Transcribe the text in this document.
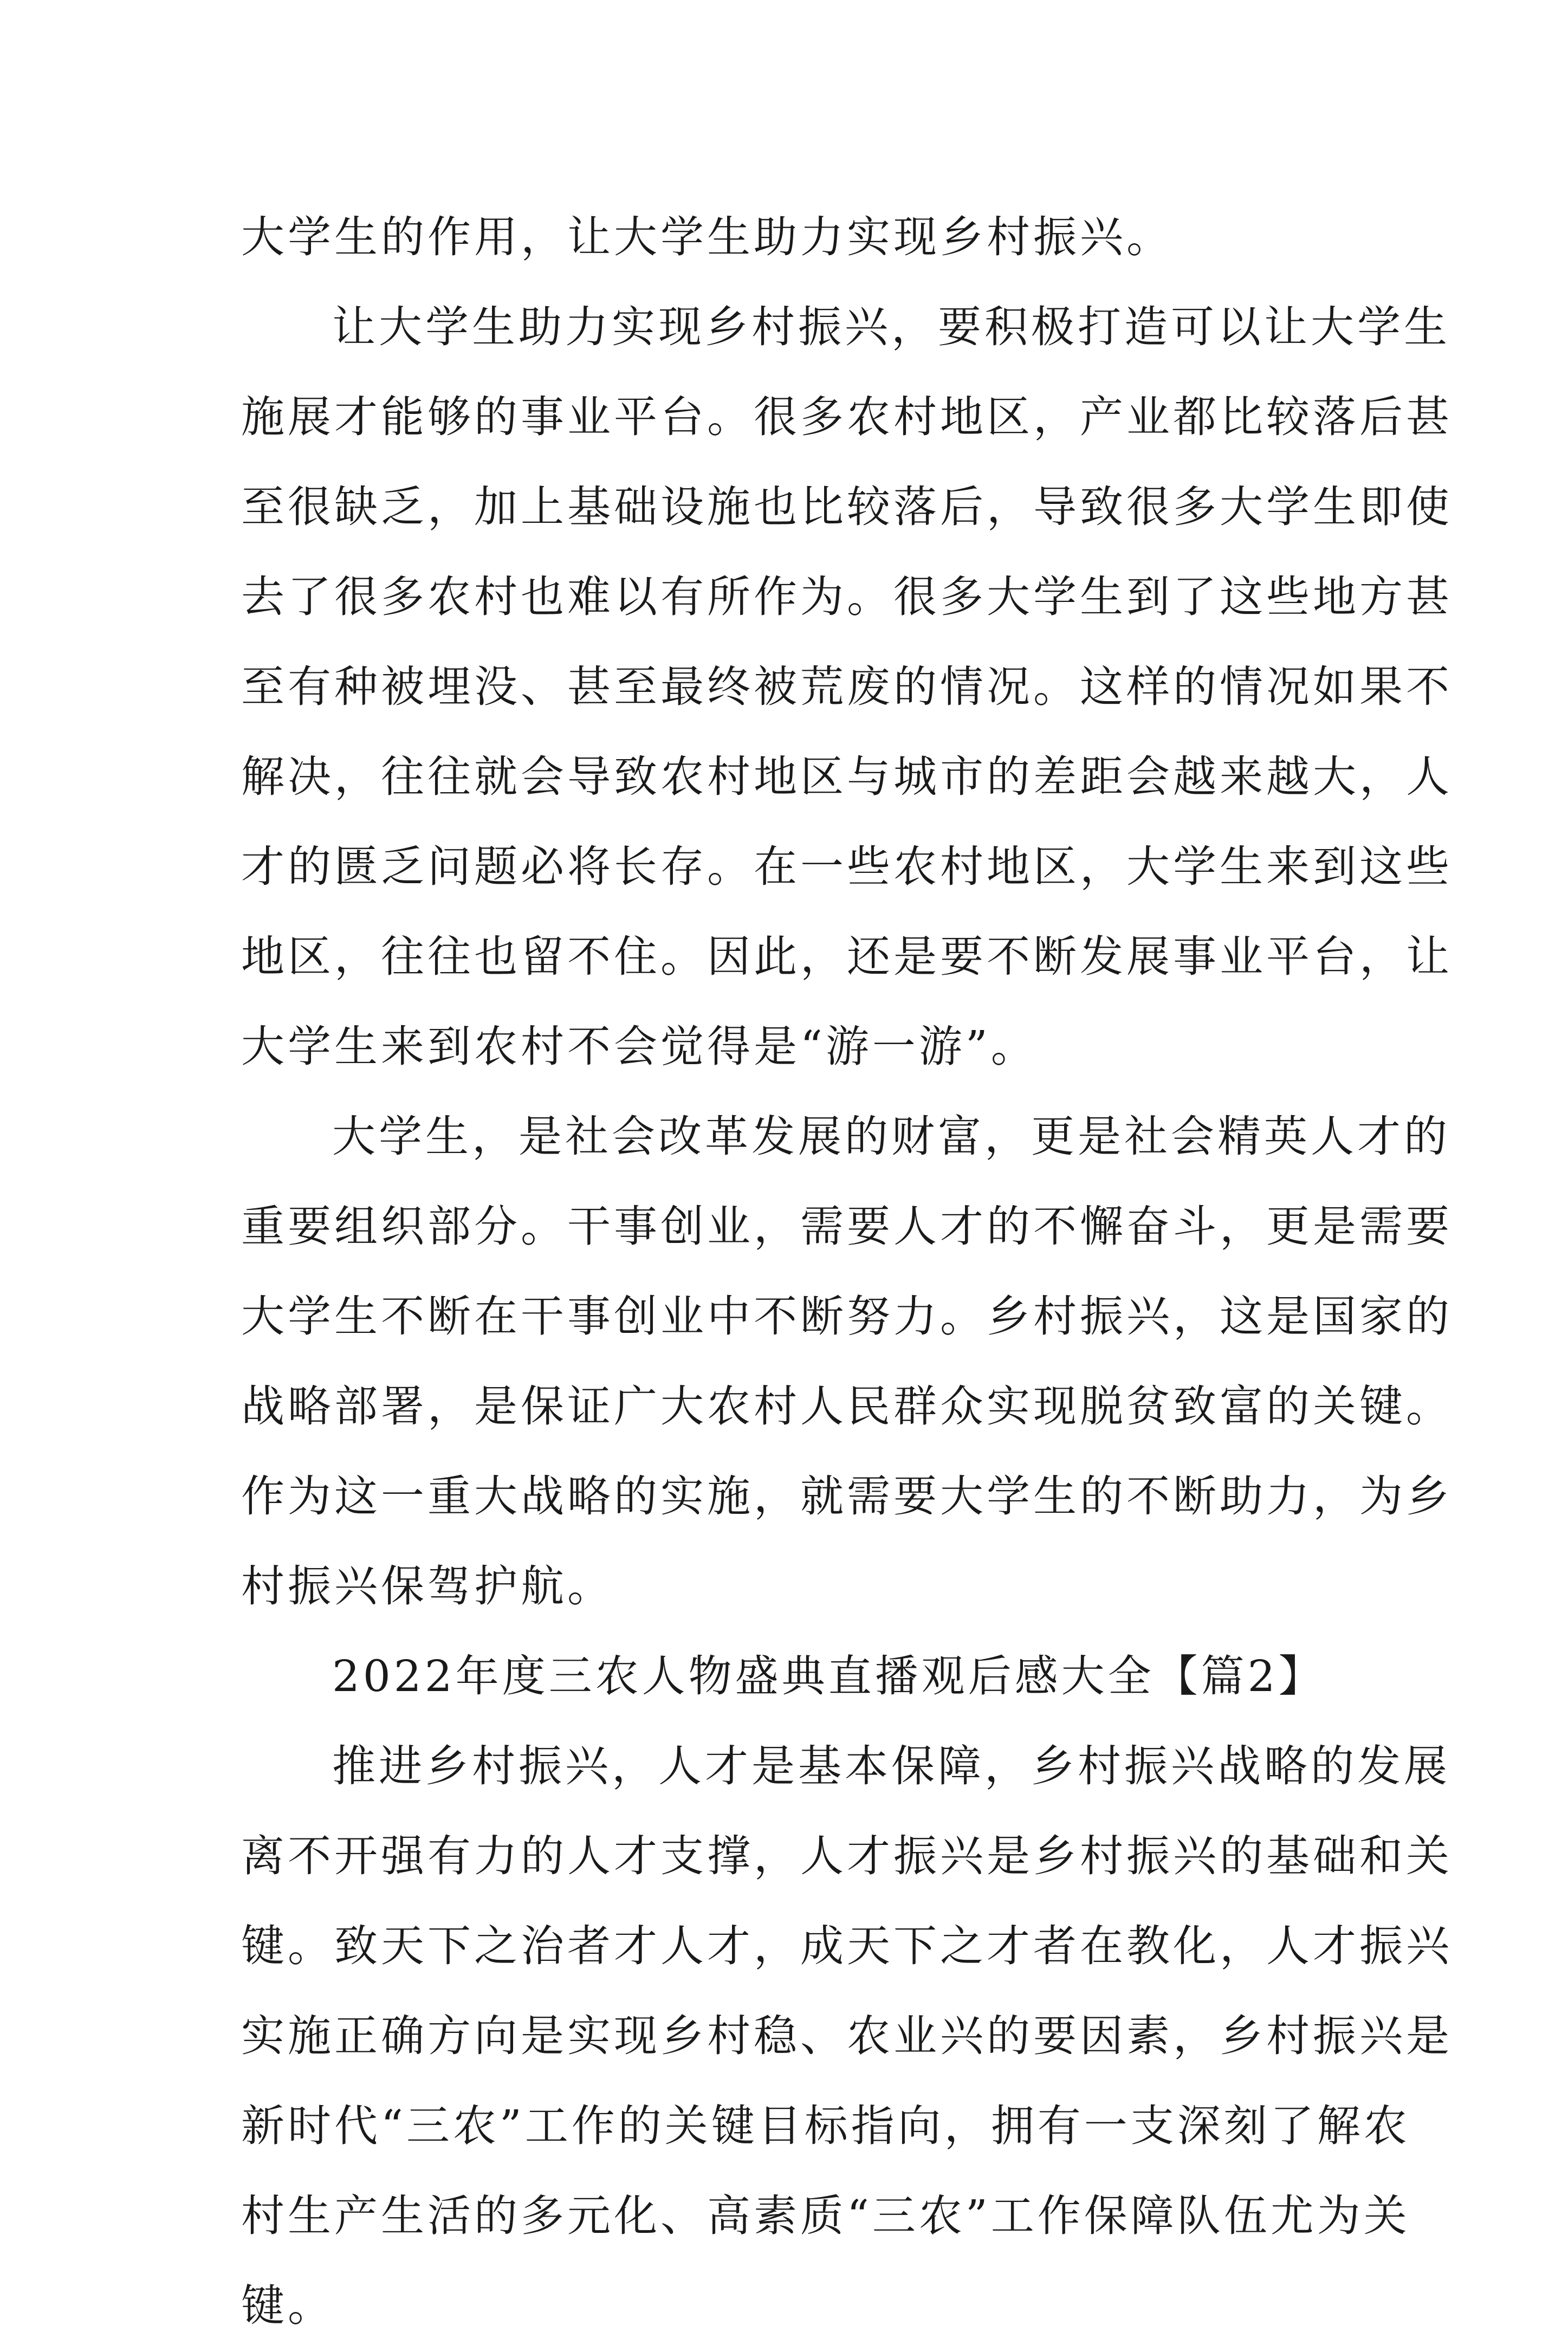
大学生的作用，让大学生助力实现乡村振兴。
让大学生助力实现乡村振兴，要积极打造可以让大学生
施展才能够的事业平台。很多农村地区，产业都比较落后甚
至很缺乏，加上基础设施也比较落后，导致很多大学生即使
去了很多农村也难以有所作为。很多大学生到了这些地方甚
至有种被埋没、甚至最终被荒废的情况。这样的情况如果不
解决，往往就会导致农村地区与城市的差距会越来越大，人
才的匮乏问题必将长存。在一些农村地区，大学生来到这些
地区，往往也留不住。因此，还是要不断发展事业平台，让
大学生来到农村不会觉得是“游一游”。
大学生，是社会改革发展的财富，更是社会精英人才的
重要组织部分。干事创业，需要人才的不懈奋斗，更是需要
大学生不断在干事创业中不断努力。乡村振兴，这是国家的
战略部署，是保证广大农村人民群众实现脱贫致富的关键。
作为这一重大战略的实施，就需要大学生的不断助力，为乡
村振兴保驾护航。
2022年度三农人物盛典直播观后感大全【篇2】
推进乡村振兴，人才是基本保障，乡村振兴战略的发展
离不开强有力的人才支撑，人才振兴是乡村振兴的基础和关
键。致天下之治者才人才，成天下之才者在教化，人才振兴
实施正确方向是实现乡村稳、农业兴的要因素，乡村振兴是
新时代“三农”工作的关键目标指向，拥有一支深刻了解农
村生产生活的多元化、高素质“三农”工作保障队伍尤为关
键。
